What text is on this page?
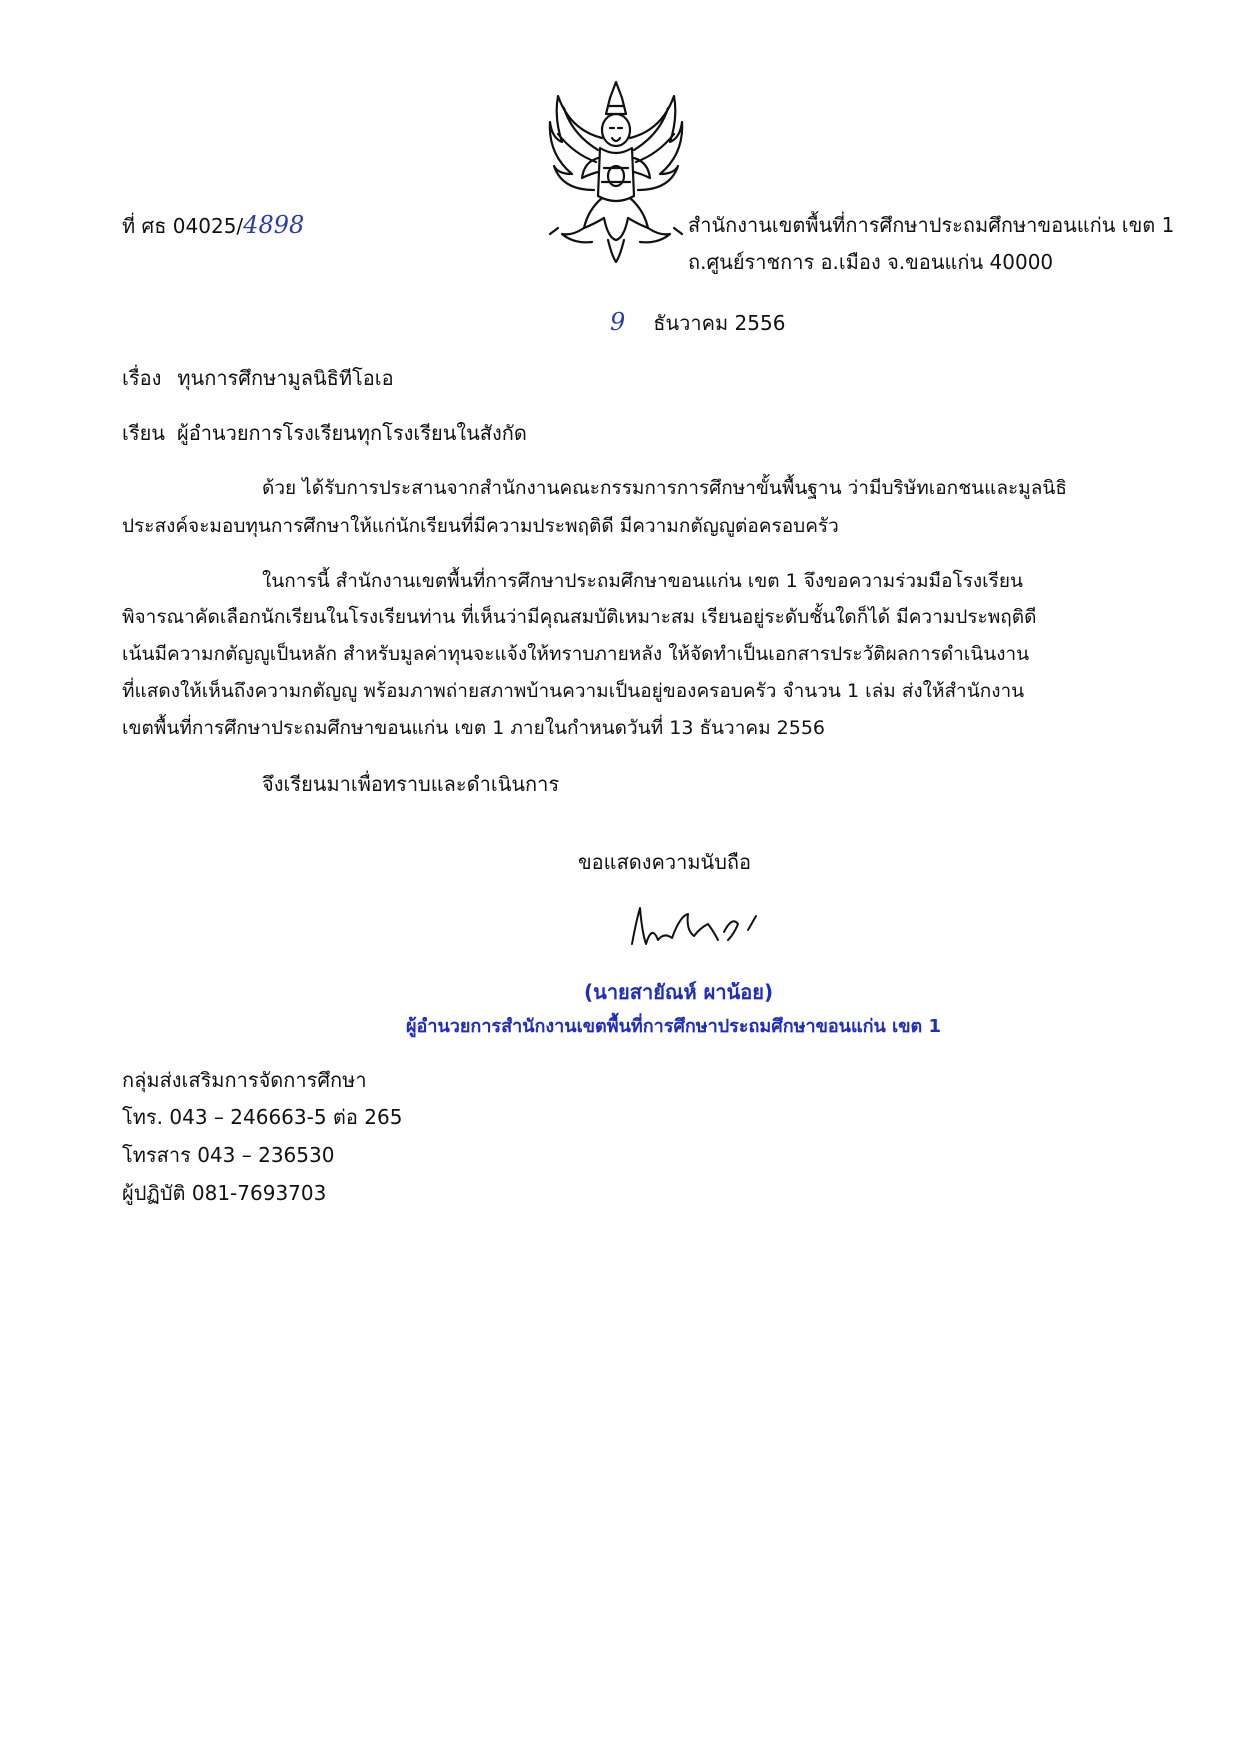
ที่ ศธ 04025/4898	สำนักงานเขตพื้นที่การศึกษาประถมศึกษาขอนแก่น เขต 1
ถ.ศูนย์ราชการ อ.เมือง จ.ขอนแก่น 40000
9 ธันวาคม 2556
เรื่อง ทุนการศึกษามูลนิธิทีโอเอ
เรียน ผู้อำนวยการโรงเรียนทุกโรงเรียนในสังกัด
ด้วย ได้รับการประสานจากสำนักงานคณะกรรมการการศึกษาขั้นพื้นฐาน ว่ามีบริษัทเอกชนและมูลนิธิ
ประสงค์จะมอบทุนการศึกษาให้แก่นักเรียนที่มีความประพฤติดี มีความกตัญญูต่อครอบครัว
ในการนี้ สำนักงานเขตพื้นที่การศึกษาประถมศึกษาขอนแก่น เขต 1 จึงขอความร่วมมือโรงเรียน
พิจารณาคัดเลือกนักเรียนในโรงเรียนท่าน ที่เห็นว่ามีคุณสมบัติเหมาะสม เรียนอยู่ระดับชั้นใดก็ได้ มีความประพฤติดี
เน้นมีความกตัญญูเป็นหลัก สำหรับมูลค่าทุนจะแจ้งให้ทราบภายหลัง ให้จัดทำเป็นเอกสารประวัติผลการดำเนินงาน
ที่แสดงให้เห็นถึงความกตัญญู พร้อมภาพถ่ายสภาพบ้านความเป็นอยู่ของครอบครัว จำนวน 1 เล่ม ส่งให้สำนักงาน
เขตพื้นที่การศึกษาประถมศึกษาขอนแก่น เขต 1 ภายในกำหนดวันที่ 13 ธันวาคม 2556
จึงเรียนมาเพื่อทราบและดำเนินการ
ขอแสดงความนับถือ
(นายสายัณห์ ผาน้อย)
ผู้อำนวยการสำนักงานเขตพื้นที่การศึกษาประถมศึกษาขอนแก่น เขต 1
กลุ่มส่งเสริมการจัดการศึกษา
โทร. 043 – 246663-5 ต่อ 265
โทรสาร 043 – 236530
ผู้ปฏิบัติ 081-7693703
